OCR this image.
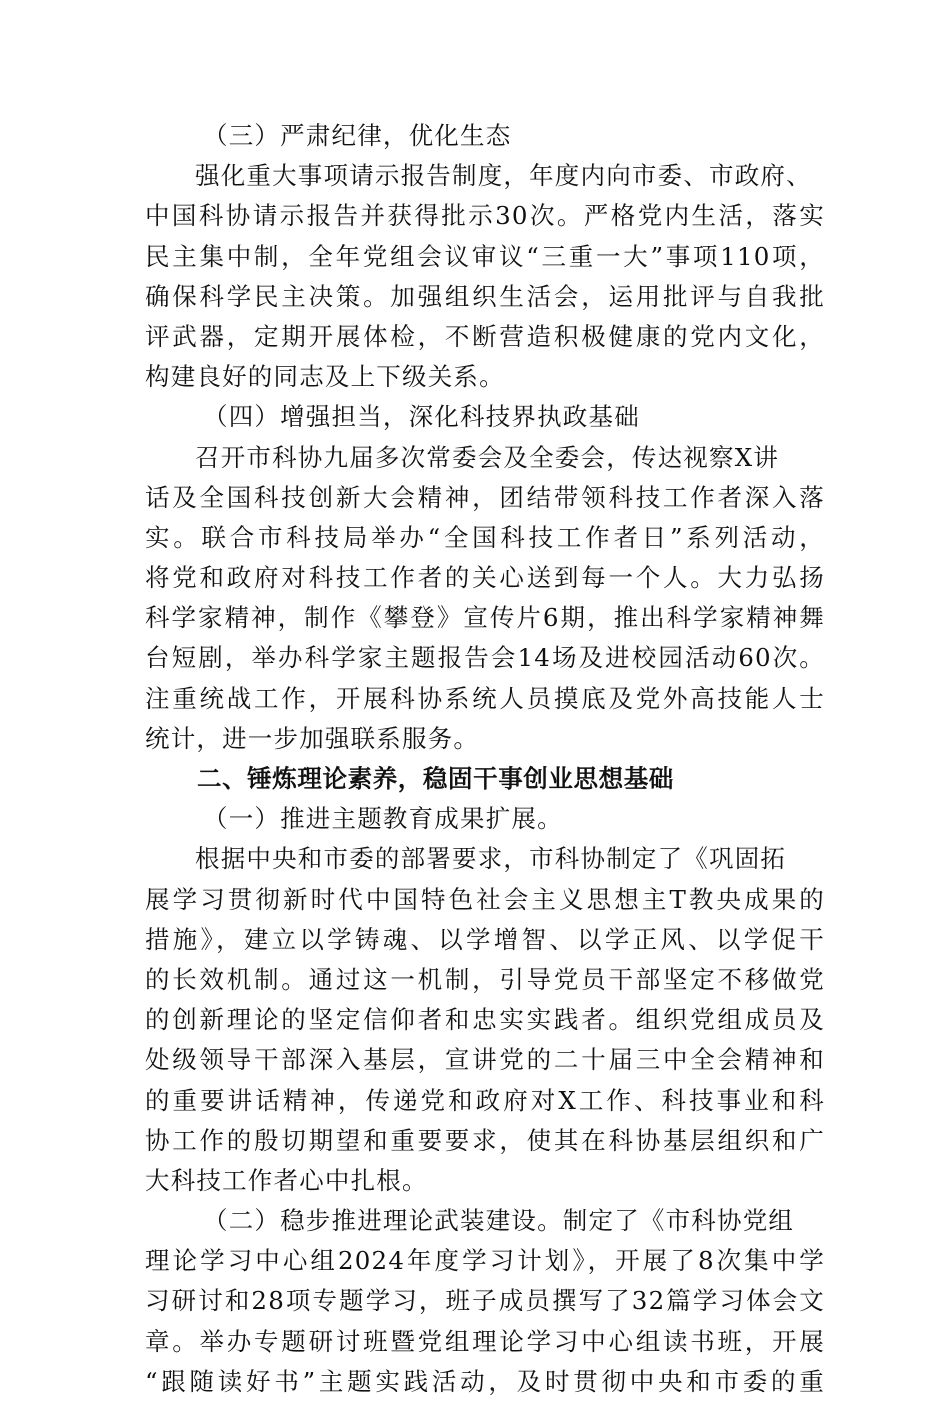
（三）严肃纪律，优化生态
强化重大事项请示报告制度，年度内向市委、市政府、
中国科协请示报告并获得批示30次。严格党内生活，落实
民主集中制，全年党组会议审议“三重一大”事项110项，
确保科学民主决策。加强组织生活会，运用批评与自我批
评武器，定期开展体检，不断营造积极健康的党内文化，
构建良好的同志及上下级关系。
（四）增强担当，深化科技界执政基础
召开市科协九届多次常委会及全委会，传达视察X讲
话及全国科技创新大会精神，团结带领科技工作者深入落
实。联合市科技局举办“全国科技工作者日”系列活动，
将党和政府对科技工作者的关心送到每一个人。大力弘扬
科学家精神，制作《攀登》宣传片6期，推出科学家精神舞
台短剧，举办科学家主题报告会14场及进校园活动60次。
注重统战工作，开展科协系统人员摸底及党外高技能人士
统计，进一步加强联系服务。
二、锤炼理论素养，稳固干事创业思想基础
（一）推进主题教育成果扩展。
根据中央和市委的部署要求，市科协制定了《巩固拓
展学习贯彻新时代中国特色社会主义思想主T教央成果的
措施》，建立以学铸魂、以学增智、以学正风、以学促干
的长效机制。通过这一机制，引导党员干部坚定不移做党
的创新理论的坚定信仰者和忠实实践者。组织党组成员及
处级领导干部深入基层，宣讲党的二十届三中全会精神和
的重要讲话精神，传递党和政府对X工作、科技事业和科
协工作的殷切期望和重要要求，使其在科协基层组织和广
大科技工作者心中扎根。
（二）稳步推进理论武装建设。制定了《市科协党组
理论学习中心组2024年度学习计划》，开展了8次集中学
习研讨和28项专题学习，班子成员撰写了32篇学习体会文
章。举办专题研讨班暨党组理论学习中心组读书班，开展
“跟随读好书”主题实践活动，及时贯彻中央和市委的重
